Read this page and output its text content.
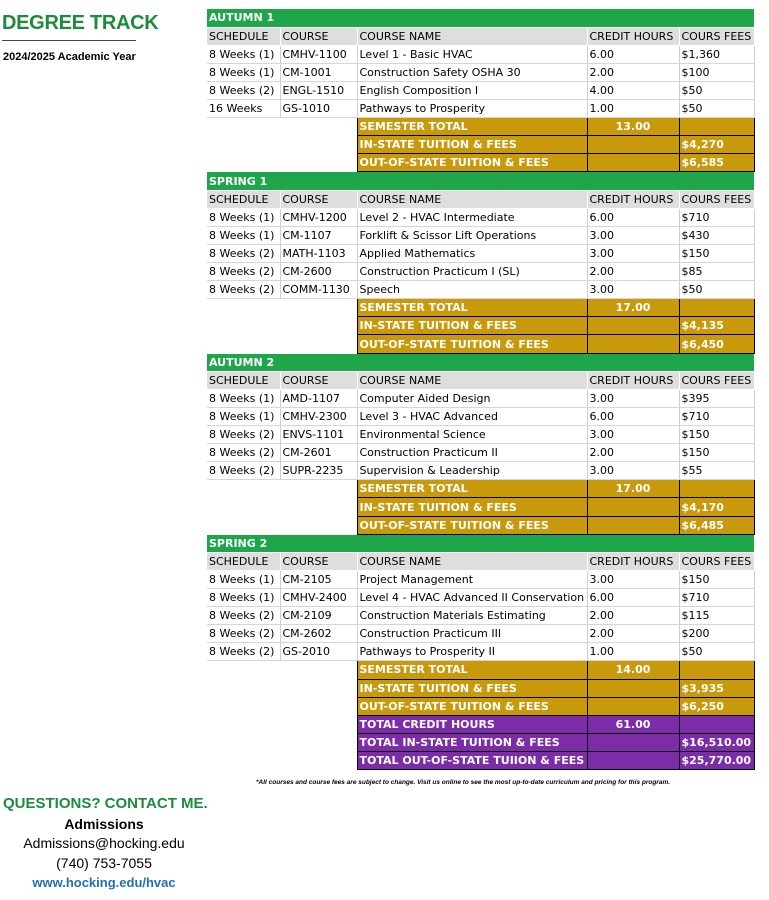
DEGREE TRACK
2024/2025 Academic Year
AUTUMN 1				
SCHEDULE	COURSE	COURSE NAME	CREDIT HOURS	COURS FEES
8 Weeks (1)	CMHV-1100	Level 1 - Basic HVAC	6.00	$1,360
8 Weeks (1)	CM-1001	Construction Safety OSHA 30	2.00	$100
8 Weeks (2)	ENGL-1510	English Composition I	4.00	$50
16 Weeks	GS-1010	Pathways to Prosperity	1.00	$50
		SEMESTER TOTAL	13.00	
		IN-STATE TUITION & FEES		$4,270
		OUT-OF-STATE TUITION & FEES		$6,585
SPRING 1				
SCHEDULE	COURSE	COURSE NAME	CREDIT HOURS	COURS FEES
8 Weeks (1)	CMHV-1200	Level 2 - HVAC Intermediate	6.00	$710
8 Weeks (1)	CM-1107	Forklift & Scissor Lift Operations	3.00	$430
8 Weeks (2)	MATH-1103	Applied Mathematics	3.00	$150
8 Weeks (2)	CM-2600	Construction Practicum I (SL)	2.00	$85
8 Weeks (2)	COMM-1130	Speech	3.00	$50
		SEMESTER TOTAL	17.00	
		IN-STATE TUITION & FEES		$4,135
		OUT-OF-STATE TUITION & FEES		$6,450
AUTUMN 2				
SCHEDULE	COURSE	COURSE NAME	CREDIT HOURS	COURS FEES
8 Weeks (1)	AMD-1107	Computer Aided Design	3.00	$395
8 Weeks (1)	CMHV-2300	Level 3 - HVAC Advanced	6.00	$710
8 Weeks (2)	ENVS-1101	Environmental Science	3.00	$150
8 Weeks (2)	CM-2601	Construction Practicum II	2.00	$150
8 Weeks (2)	SUPR-2235	Supervision & Leadership	3.00	$55
		SEMESTER TOTAL	17.00	
		IN-STATE TUITION & FEES		$4,170
		OUT-OF-STATE TUITION & FEES		$6,485
SPRING 2				
SCHEDULE	COURSE	COURSE NAME	CREDIT HOURS	COURS FEES
8 Weeks (1)	CM-2105	Project Management	3.00	$150
8 Weeks (1)	CMHV-2400	Level 4 - HVAC Advanced II Conservation	6.00	$710
8 Weeks (2)	CM-2109	Construction Materials Estimating	2.00	$115
8 Weeks (2)	CM-2602	Construction Practicum III	2.00	$200
8 Weeks (2)	GS-2010	Pathways to Prosperity II	1.00	$50
		SEMESTER TOTAL	14.00	
		IN-STATE TUITION & FEES		$3,935
		OUT-OF-STATE TUITION & FEES		$6,250
		TOTAL CREDIT HOURS	61.00	
		TOTAL IN-STATE TUITION & FEES		$16,510.00
		TOTAL OUT-OF-STATE TUIION & FEES		$25,770.00
*All courses and course fees are subject to change. Visit us online to see the most up-to-date curriculum and pricing for this program.
QUESTIONS? CONTACT ME.
Admissions
Admissions@hocking.edu
(740) 753-7055
www.hocking.edu/hvac
